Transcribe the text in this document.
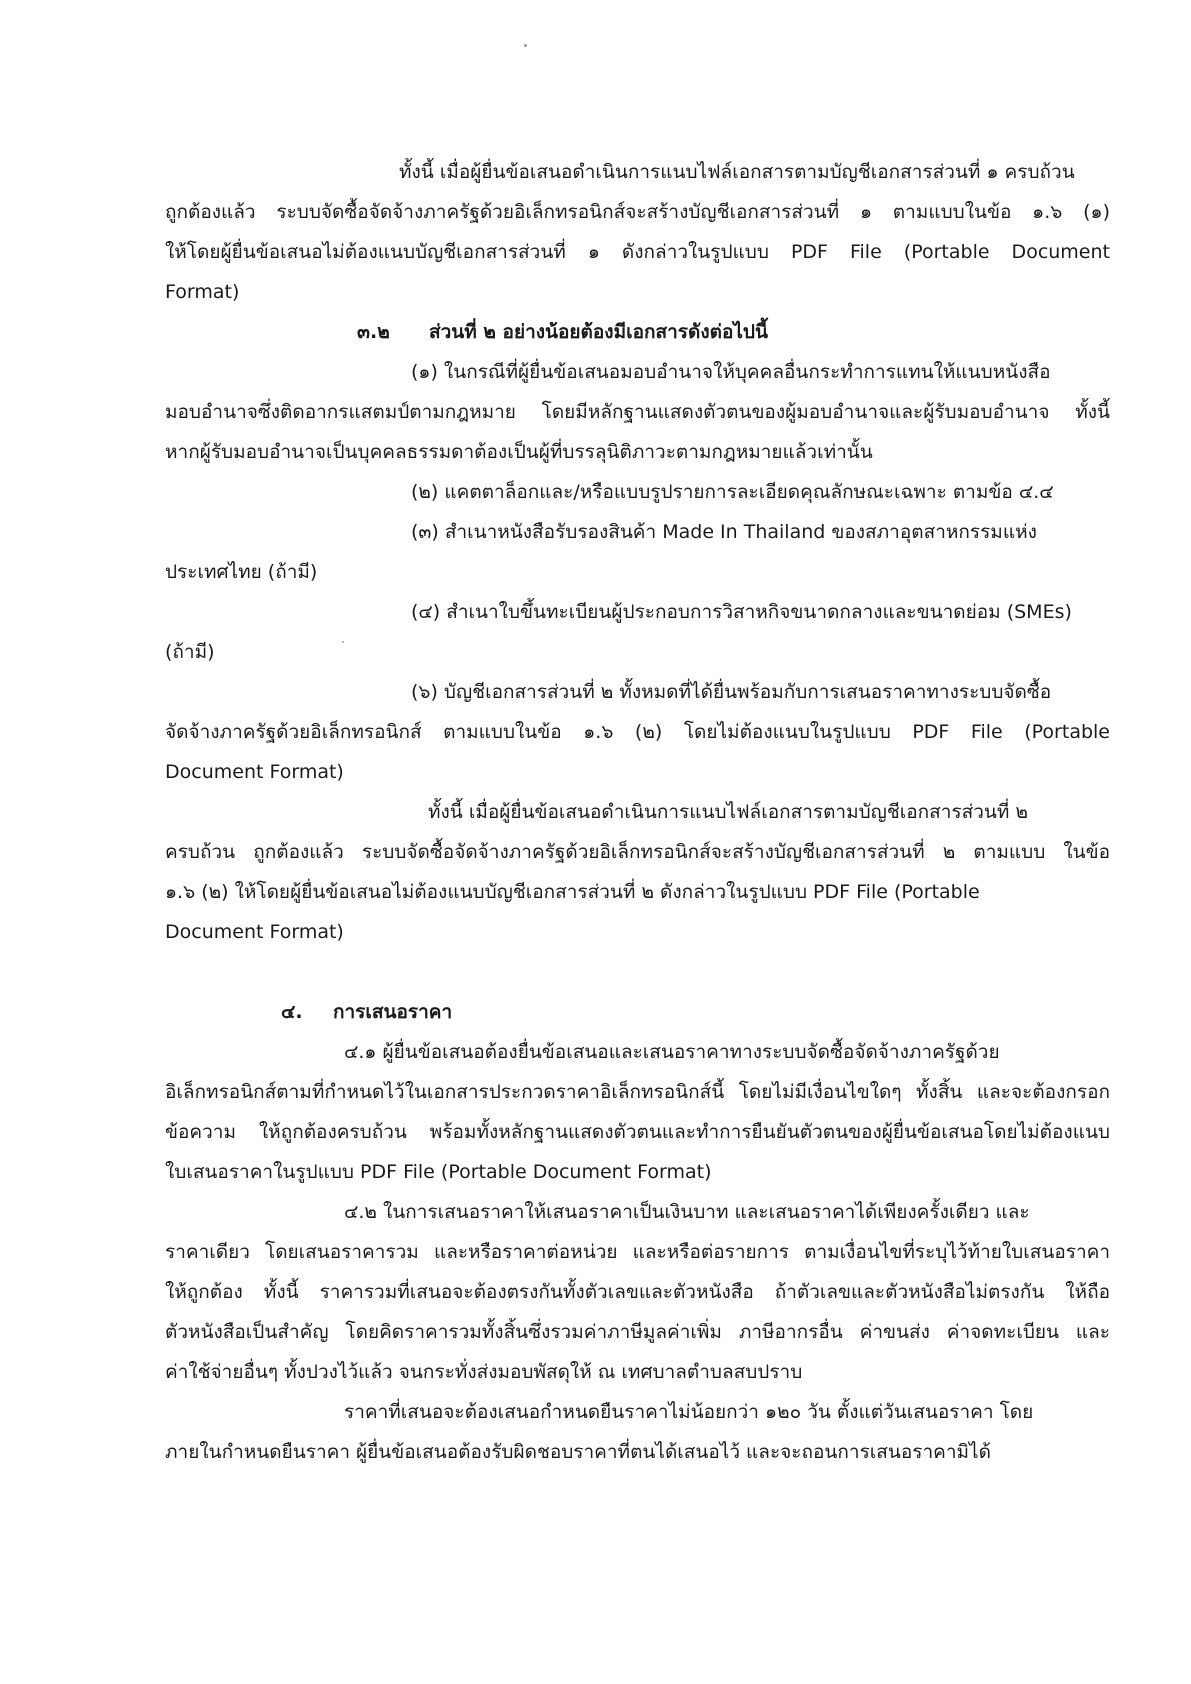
ทั้งนี้ เมื่อผู้ยื่นข้อเสนอดำเนินการแนบไฟล์เอกสารตามบัญชีเอกสารส่วนที่ ๑ ครบถ้วน

ถูกต้องแล้ว ระบบจัดซื้อจัดจ้างภาครัฐด้วยอิเล็กทรอนิกส์จะสร้างบัญชีเอกสารส่วนที่ ๑ ตามแบบในข้อ ๑.๖ (๑)

ให้โดยผู้ยื่นข้อเสนอไม่ต้องแนบบัญชีเอกสารส่วนที่ ๑ ดังกล่าวในรูปแบบ PDF File (Portable Document

Format)

๓.๒ ส่วนที่ ๒ อย่างน้อยต้องมีเอกสารดังต่อไปนี้

(๑) ในกรณีที่ผู้ยื่นข้อเสนอมอบอำนาจให้บุคคลอื่นกระทำการแทนให้แนบหนังสือ

มอบอำนาจซึ่งติดอากรแสตมป์ตามกฎหมาย โดยมีหลักฐานแสดงตัวตนของผู้มอบอำนาจและผู้รับมอบอำนาจ ทั้งนี้

หากผู้รับมอบอำนาจเป็นบุคคลธรรมดาต้องเป็นผู้ที่บรรลุนิติภาวะตามกฎหมายแล้วเท่านั้น

(๒) แคตตาล็อกและ/หรือแบบรูปรายการละเอียดคุณลักษณะเฉพาะ ตามข้อ ๔.๔

(๓) สำเนาหนังสือรับรองสินค้า Made In Thailand ของสภาอุตสาหกรรมแห่ง

ประเทศไทย (ถ้ามี)

(๔) สำเนาใบขึ้นทะเบียนผู้ประกอบการวิสาหกิจขนาดกลางและขนาดย่อม (SMEs)

(ถ้ามี)

(๖) บัญชีเอกสารส่วนที่ ๒ ทั้งหมดที่ได้ยื่นพร้อมกับการเสนอราคาทางระบบจัดซื้อ

จัดจ้างภาครัฐด้วยอิเล็กทรอนิกส์ ตามแบบในข้อ ๑.๖ (๒) โดยไม่ต้องแนบในรูปแบบ PDF File (Portable

Document Format)

ทั้งนี้ เมื่อผู้ยื่นข้อเสนอดำเนินการแนบไฟล์เอกสารตามบัญชีเอกสารส่วนที่ ๒

ครบถ้วน ถูกต้องแล้ว ระบบจัดซื้อจัดจ้างภาครัฐด้วยอิเล็กทรอนิกส์จะสร้างบัญชีเอกสารส่วนที่ ๒ ตามแบบ ในข้อ

๑.๖ (๒) ให้โดยผู้ยื่นข้อเสนอไม่ต้องแนบบัญชีเอกสารส่วนที่ ๒ ดังกล่าวในรูปแบบ PDF File (Portable

Document Format)

๔. การเสนอราคา

๔.๑ ผู้ยื่นข้อเสนอต้องยื่นข้อเสนอและเสนอราคาทางระบบจัดซื้อจัดจ้างภาครัฐด้วย

อิเล็กทรอนิกส์ตามที่กำหนดไว้ในเอกสารประกวดราคาอิเล็กทรอนิกส์นี้ โดยไม่มีเงื่อนไขใดๆ ทั้งสิ้น และจะต้องกรอก

ข้อความ ให้ถูกต้องครบถ้วน พร้อมทั้งหลักฐานแสดงตัวตนและทำการยืนยันตัวตนของผู้ยื่นข้อเสนอโดยไม่ต้องแนบ

ใบเสนอราคาในรูปแบบ PDF File (Portable Document Format)

๔.๒ ในการเสนอราคาให้เสนอราคาเป็นเงินบาท และเสนอราคาได้เพียงครั้งเดียว และ

ราคาเดียว โดยเสนอราคารวม และหรือราคาต่อหน่วย และหรือต่อรายการ ตามเงื่อนไขที่ระบุไว้ท้ายใบเสนอราคา

ให้ถูกต้อง ทั้งนี้ ราคารวมที่เสนอจะต้องตรงกันทั้งตัวเลขและตัวหนังสือ ถ้าตัวเลขและตัวหนังสือไม่ตรงกัน ให้ถือ

ตัวหนังสือเป็นสำคัญ โดยคิดราคารวมทั้งสิ้นซึ่งรวมค่าภาษีมูลค่าเพิ่ม ภาษีอากรอื่น ค่าขนส่ง ค่าจดทะเบียน และ

ค่าใช้จ่ายอื่นๆ ทั้งปวงไว้แล้ว จนกระทั่งส่งมอบพัสดุให้ ณ เทศบาลตำบลสบปราบ

ราคาที่เสนอจะต้องเสนอกำหนดยืนราคาไม่น้อยกว่า ๑๒๐ วัน ตั้งแต่วันเสนอราคา โดย

ภายในกำหนดยืนราคา ผู้ยื่นข้อเสนอต้องรับผิดชอบราคาที่ตนได้เสนอไว้ และจะถอนการเสนอราคามิได้
